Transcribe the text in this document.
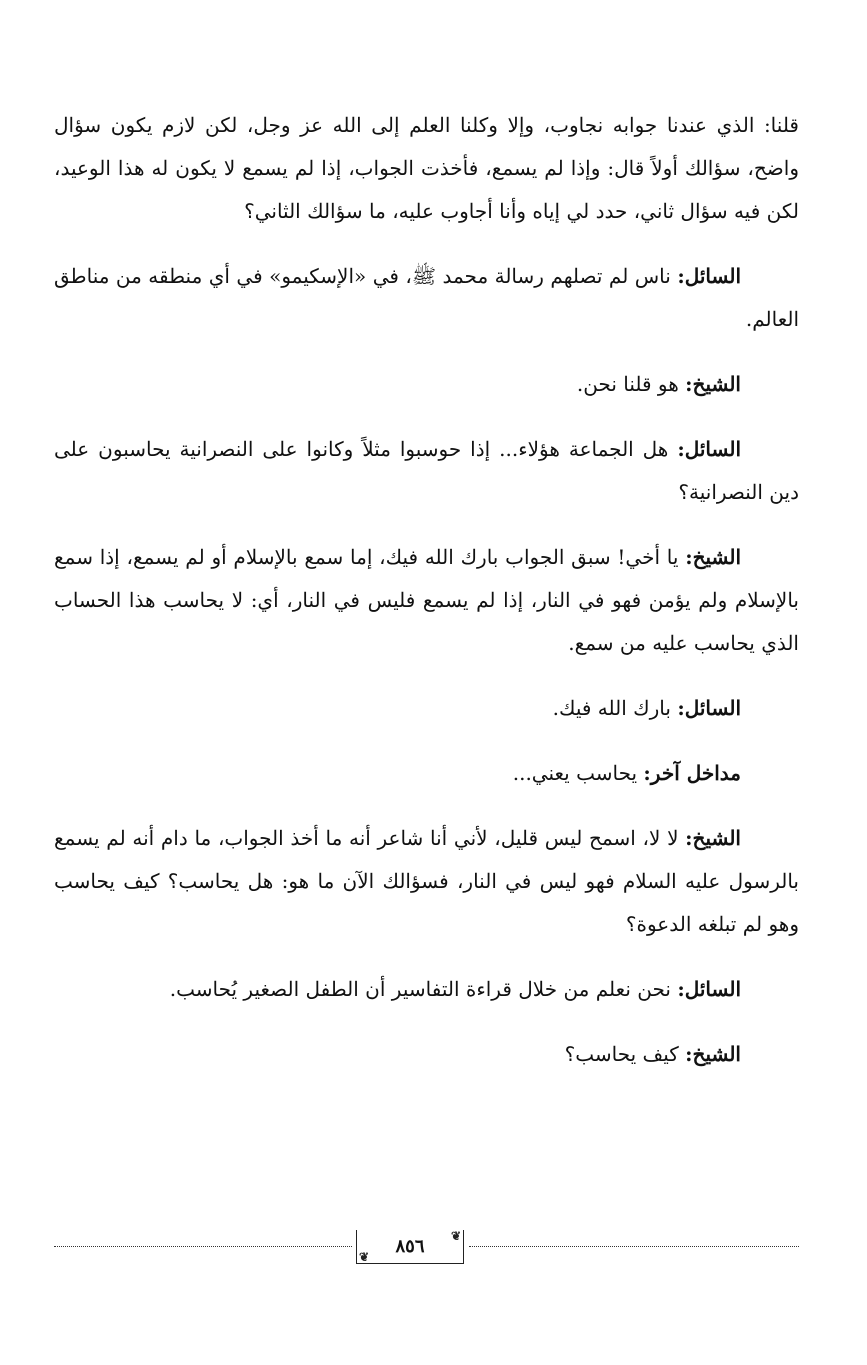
قلنا: الذي عندنا جوابه نجاوب، وإلا وكلنا العلم إلى الله عز وجل، لكن لازم يكون سؤال واضح، سؤالك أولاً قال: وإذا لم يسمع، فأخذت الجواب، إذا لم يسمع لا يكون له هذا الوعيد، لكن فيه سؤال ثاني، حدد لي إياه وأنا أجاوب عليه، ما سؤالك الثاني؟

السائل: ناس لم تصلهم رسالة محمد ﷺ، في «الإسكيمو» في أي منطقه من مناطق العالم.

الشيخ: هو قلنا نحن.

السائل: هل الجماعة هؤلاء... إذا حوسبوا مثلاً وكانوا على النصرانية يحاسبون على دين النصرانية؟

الشيخ: يا أخي! سبق الجواب بارك الله فيك، إما سمع بالإسلام أو لم يسمع، إذا سمع بالإسلام ولم يؤمن فهو في النار، إذا لم يسمع فليس في النار، أي: لا يحاسب هذا الحساب الذي يحاسب عليه من سمع.

السائل: بارك الله فيك.

مداخل آخر: يحاسب يعني...

الشيخ: لا لا، اسمح ليس قليل، لأني أنا شاعر أنه ما أخذ الجواب، ما دام أنه لم يسمع بالرسول عليه السلام فهو ليس في النار، فسؤالك الآن ما هو: هل يحاسب؟ كيف يحاسب وهو لم تبلغه الدعوة؟

السائل: نحن نعلم من خلال قراءة التفاسير أن الطفل الصغير يُحاسب.

الشيخ: كيف يحاسب؟

❦
٨٥٦
❦
